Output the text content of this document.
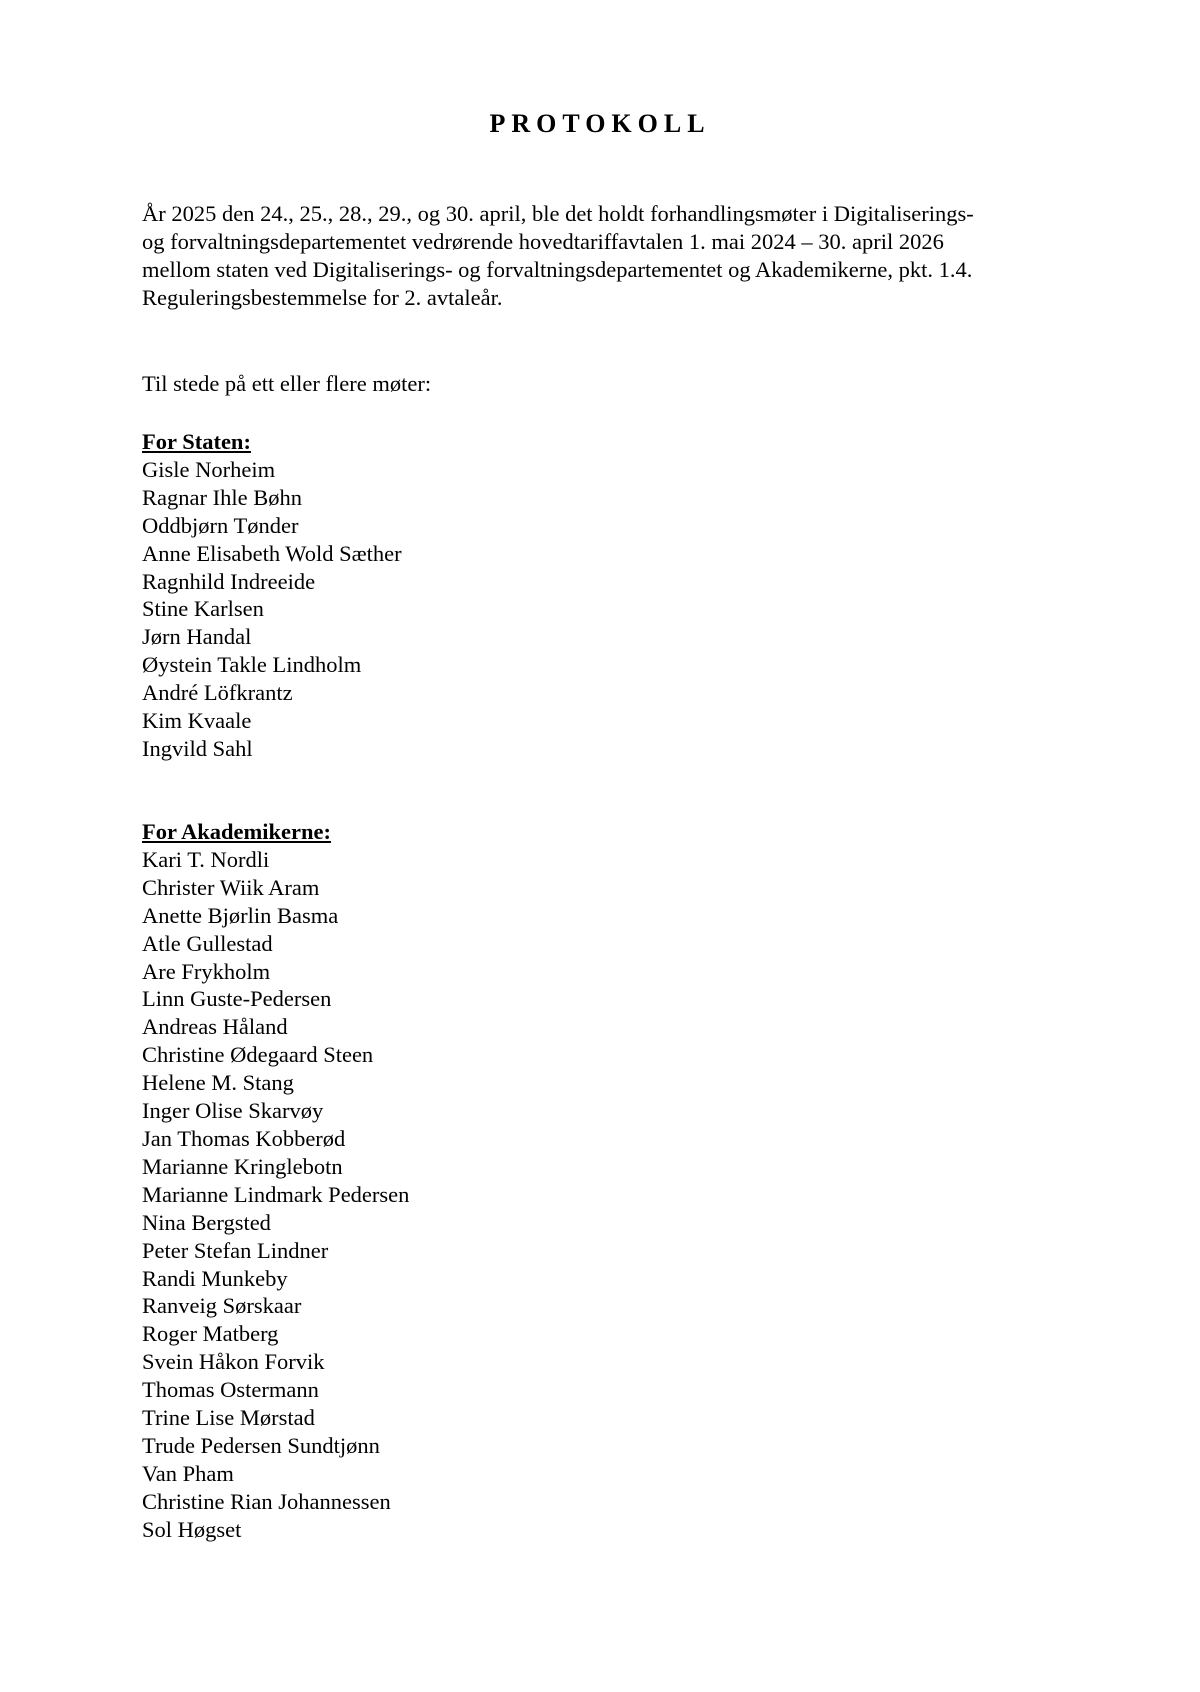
PROTOKOLL

År 2025 den 24., 25., 28., 29., og 30. april, ble det holdt forhandlingsmøter i Digitaliserings-
og forvaltningsdepartementet vedrørende hovedtariffavtalen 1. mai 2024 – 30. april 2026
mellom staten ved Digitaliserings- og forvaltningsdepartementet og Akademikerne, pkt. 1.4.
Reguleringsbestemmelse for 2. avtaleår.

Til stede på ett eller flere møter:

For Staten:
Gisle Norheim
Ragnar Ihle Bøhn
Oddbjørn Tønder
Anne Elisabeth Wold Sæther
Ragnhild Indreeide
Stine Karlsen
Jørn Handal
Øystein Takle Lindholm
André Löfkrantz
Kim Kvaale
Ingvild Sahl
For Akademikerne:
Kari T. Nordli
Christer Wiik Aram
Anette Bjørlin Basma
Atle Gullestad
Are Frykholm
Linn Guste-Pedersen
Andreas Håland
Christine Ødegaard Steen
Helene M. Stang
Inger Olise Skarvøy
Jan Thomas Kobberød
Marianne Kringlebotn
Marianne Lindmark Pedersen
Nina Bergsted
Peter Stefan Lindner
Randi Munkeby
Ranveig Sørskaar
Roger Matberg
Svein Håkon Forvik
Thomas Ostermann
Trine Lise Mørstad
Trude Pedersen Sundtjønn
Van Pham
Christine Rian Johannessen
Sol Høgset
